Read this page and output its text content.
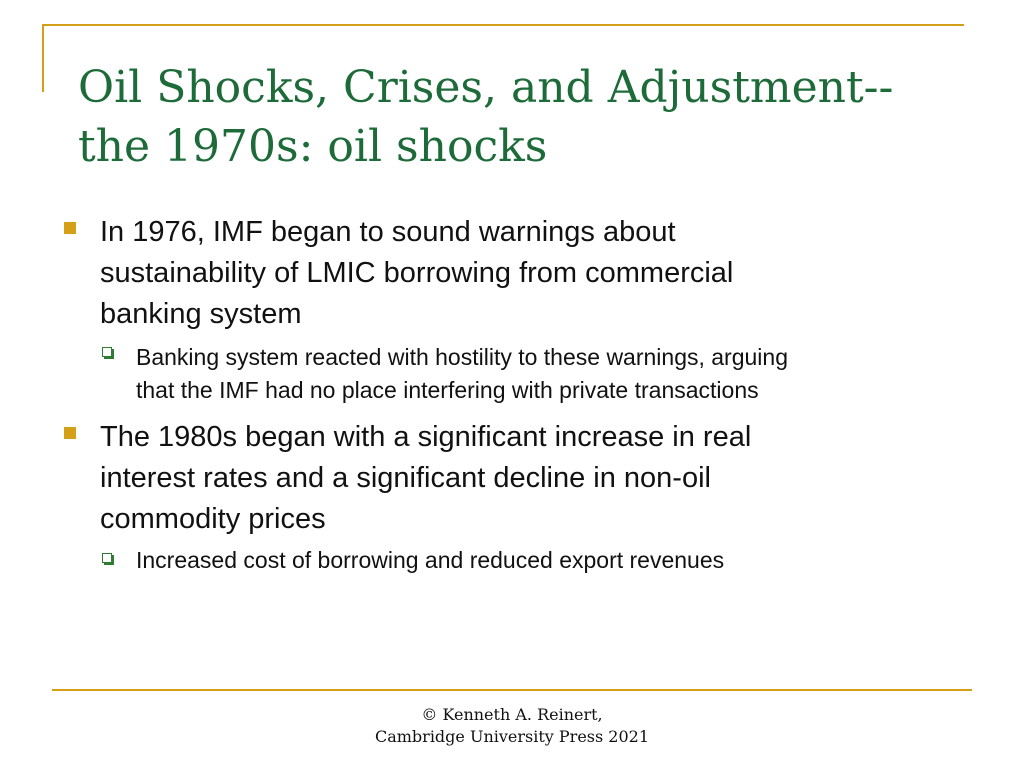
Oil Shocks, Crises, and Adjustment--
the 1970s: oil shocks
In 1976, IMF began to sound warnings about
sustainability of LMIC borrowing from commercial
banking system
Banking system reacted with hostility to these warnings, arguing
that the IMF had no place interfering with private transactions
The 1980s began with a significant increase in real
interest rates and a significant decline in non-oil
commodity prices
Increased cost of borrowing and reduced export revenues
© Kenneth A. Reinert,
Cambridge University Press 2021
